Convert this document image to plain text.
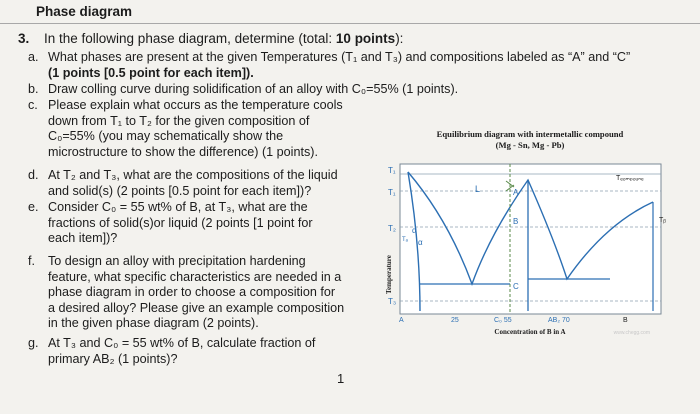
Phase diagram
3. In the following phase diagram, determine (total: 10 points):
a. What phases are present at the given Temperatures (T₁ and T₃) and compositions labeled as “A” and “C”
(1 points [0.5 point for each item]).
b. Draw colling curve during solidification of an alloy with C₀=55% (1 points).
c. Please explain what occurs as the temperature cools
down from T₁ to T₂ for the given composition of
C₀=55% (you may schematically show the
microstructure to show the difference) (1 points).
d. At T₂ and T₃, what are the compositions of the liquid
and solid(s) (2 points [0.5 point for each item])?
e. Consider C₀ = 55 wt% of B, at T₃, what are the
fractions of solid(s)or liquid (2 points [1 point for
each item])?
f. To design an alloy with precipitation hardening
feature, what specific characteristics are needed in a
phase diagram in order to choose a composition for
a desired alloy? Please give an example composition
in the given phase diagram (2 points).
g. At T₃ and C₀ = 55 wt% of B, calculate fraction of
primary AB₂ (1 points)?
1
Equilibrium diagram with intermetallic compound
(Mg - Sn, Mg - Pb)
T₁
T₁
T₂
T₃
Tₐ
Tᵦ
Tₑₒₘₚₒᵤₙₑ
L
α
α
A
B
C
A	25	C₀ 55	AB₂ 70	B
Concentration of B in A
Temperature
www.chegg.com
